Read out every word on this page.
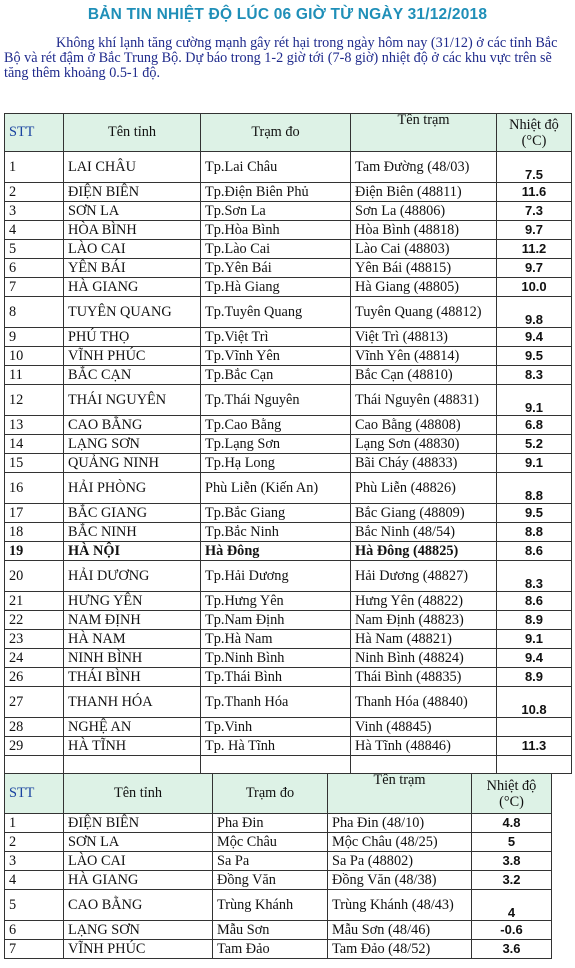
BẢN TIN NHIỆT ĐỘ LÚC 06 GIỜ TỪ NGÀY 31/12/2018
Không khí lạnh tăng cường mạnh gây rét hại trong ngày hôm nay (31/12) ở các tỉnh Bắc Bộ và rét đậm ở Bắc Trung Bộ. Dự báo trong 1-2 giờ tới (7-8 giờ) nhiệt độ ở các khu vực trên sẽ tăng thêm khoảng 0.5-1 độ.
STT	Tên tỉnh	Trạm đo	Tên trạm	Nhiệt độ (°C)
1	LAI CHÂU	Tp.Lai Châu	Tam Đường (48/03)	7.5
2	ĐIỆN BIÊN	Tp.Điện Biên Phủ	Điện Biên (48811)	11.6
3	SƠN LA	Tp.Sơn La	Sơn La (48806)	7.3
4	HÒA BÌNH	Tp.Hòa Bình	Hòa Bình (48818)	9.7
5	LÀO CAI	Tp.Lào Cai	Lào Cai (48803)	11.2
6	YÊN BÁI	Tp.Yên Bái	Yên Bái (48815)	9.7
7	HÀ GIANG	Tp.Hà Giang	Hà Giang (48805)	10.0
8	TUYÊN QUANG	Tp.Tuyên Quang	Tuyên Quang (48812)	9.8
9	PHÚ THỌ	Tp.Việt Trì	Việt Trì (48813)	9.4
10	VĨNH PHÚC	Tp.Vĩnh Yên	Vĩnh Yên (48814)	9.5
11	BẮC CẠN	Tp.Bắc Cạn	Bắc Cạn (48810)	8.3
12	THÁI NGUYÊN	Tp.Thái Nguyên	Thái Nguyên (48831)	9.1
13	CAO BẰNG	Tp.Cao Bằng	Cao Bằng (48808)	6.8
14	LẠNG SƠN	Tp.Lạng Sơn	Lạng Sơn (48830)	5.2
15	QUẢNG NINH	Tp.Hạ Long	Bãi Cháy (48833)	9.1
16	HẢI PHÒNG	Phù Liễn (Kiến An)	Phù Liễn (48826)	8.8
17	BẮC GIANG	Tp.Bắc Giang	Bắc Giang (48809)	9.5
18	BẮC NINH	Tp.Bắc Ninh	Bắc Ninh (48/54)	8.8
19	HÀ NỘI	Hà Đông	Hà Đông (48825)	8.6
20	HẢI DƯƠNG	Tp.Hải Dương	Hải Dương (48827)	8.3
21	HƯNG YÊN	Tp.Hưng Yên	Hưng Yên (48822)	8.6
22	NAM ĐỊNH	Tp.Nam Định	Nam Định (48823)	8.9
23	HÀ NAM	Tp.Hà Nam	Hà Nam (48821)	9.1
24	NINH BÌNH	Tp.Ninh Bình	Ninh Bình (48824)	9.4
26	THÁI BÌNH	Tp.Thái Bình	Thái Bình (48835)	8.9
27	THANH HÓA	Tp.Thanh Hóa	Thanh Hóa (48840)	10.8
28	NGHỆ AN	Tp.Vinh	Vinh (48845)	
29	HÀ TĨNH	Tp. Hà Tĩnh	Hà Tĩnh (48846)	11.3

STT	Tên tỉnh	Trạm đo	Tên trạm	Nhiệt độ (°C)
1	ĐIỆN BIÊN	Pha Đin	Pha Đin (48/10)	4.8
2	SƠN LA	Mộc Châu	Mộc Châu (48/25)	5
3	LÀO CAI	Sa Pa	Sa Pa (48802)	3.8
4	HÀ GIANG	Đồng Văn	Đồng Văn (48/38)	3.2
5	CAO BẰNG	Trùng Khánh	Trùng Khánh (48/43)	4
6	LẠNG SƠN	Mẫu Sơn	Mẫu Sơn (48/46)	-0.6
7	VĨNH PHÚC	Tam Đảo	Tam Đảo (48/52)	3.6
